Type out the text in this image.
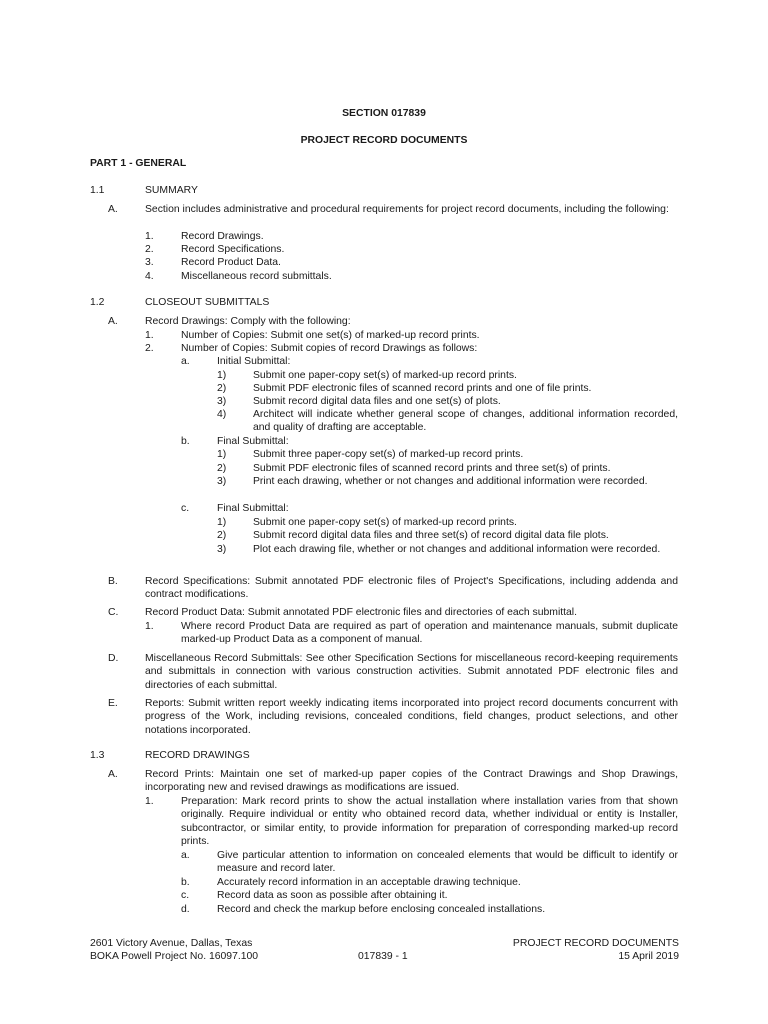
SECTION 017839
PROJECT RECORD DOCUMENTS
PART 1 - GENERAL
1.1	SUMMARY
A.	Section includes administrative and procedural requirements for project record documents, including the following:
1.	Record Drawings.
2.	Record Specifications.
3.	Record Product Data.
4.	Miscellaneous record submittals.
1.2	CLOSEOUT SUBMITTALS
A.	Record Drawings: Comply with the following:
1.	Number of Copies: Submit one set(s) of marked-up record prints.
2.	Number of Copies: Submit copies of record Drawings as follows:
a.	Initial Submittal:
1)	Submit one paper-copy set(s) of marked-up record prints.
2)	Submit PDF electronic files of scanned record prints and one of file prints.
3)	Submit record digital data files and one set(s) of plots.
4)	Architect will indicate whether general scope of changes, additional information recorded, and quality of drafting are acceptable.
b.	Final Submittal:
1)	Submit three paper-copy set(s) of marked-up record prints.
2)	Submit PDF electronic files of scanned record prints and three set(s) of prints.
3)	Print each drawing, whether or not changes and additional information were recorded.
c.	Final Submittal:
1)	Submit one paper-copy set(s) of marked-up record prints.
2)	Submit record digital data files and three set(s) of record digital data file plots.
3)	Plot each drawing file, whether or not changes and additional information were recorded.
B.	Record Specifications: Submit annotated PDF electronic files of Project's Specifications, including addenda and contract modifications.
C.	Record Product Data: Submit annotated PDF electronic files and directories of each submittal.
1.	Where record Product Data are required as part of operation and maintenance manuals, submit duplicate marked-up Product Data as a component of manual.
D.	Miscellaneous Record Submittals: See other Specification Sections for miscellaneous record-keeping requirements and submittals in connection with various construction activities. Submit annotated PDF electronic files and directories of each submittal.
E.	Reports: Submit written report weekly indicating items incorporated into project record documents concurrent with progress of the Work, including revisions, concealed conditions, field changes, product selections, and other notations incorporated.
1.3	RECORD DRAWINGS
A.	Record Prints: Maintain one set of marked-up paper copies of the Contract Drawings and Shop Drawings, incorporating new and revised drawings as modifications are issued.
1.	Preparation: Mark record prints to show the actual installation where installation varies from that shown originally. Require individual or entity who obtained record data, whether individual or entity is Installer, subcontractor, or similar entity, to provide information for preparation of corresponding marked-up record prints.
a.	Give particular attention to information on concealed elements that would be difficult to identify or measure and record later.
b.	Accurately record information in an acceptable drawing technique.
c.	Record data as soon as possible after obtaining it.
d.	Record and check the markup before enclosing concealed installations.
2601 Victory Avenue, Dallas, Texas
BOKA Powell Project No. 16097.100	017839 - 1
PROJECT RECORD DOCUMENTS
15 April 2019
